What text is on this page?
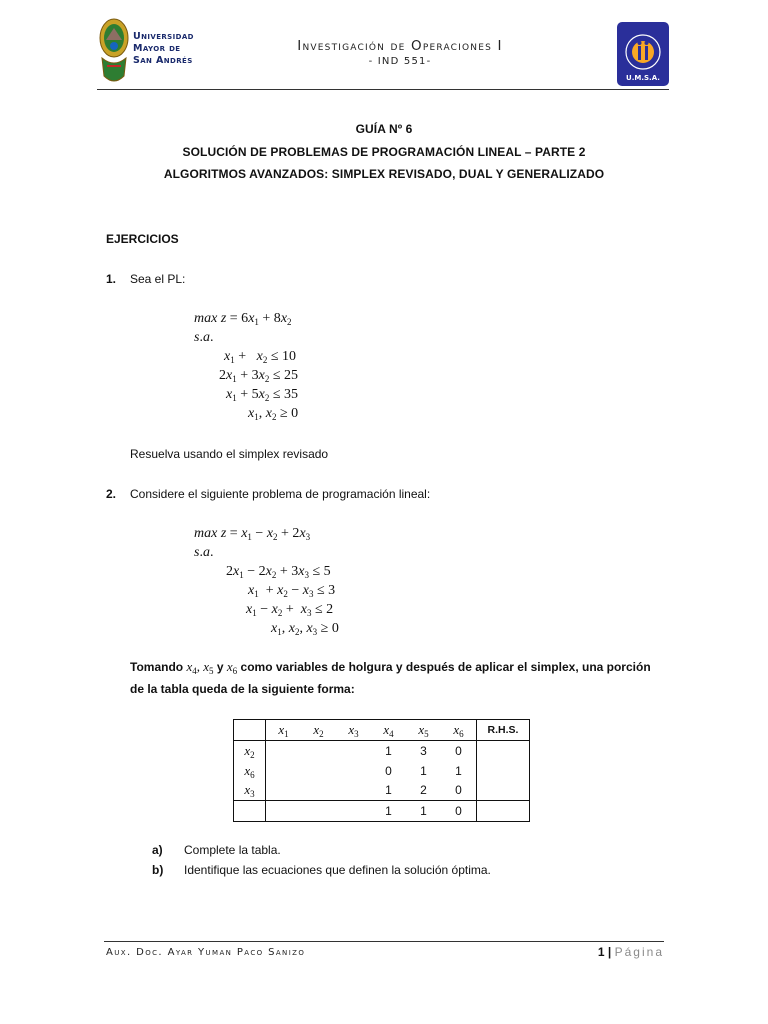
Universidad
Mayor de
San Andrés
Investigación de Operaciones I
- IND 551-
U.M.S.A.
GUÍA Nº 6
SOLUCIÓN DE PROBLEMAS DE PROGRAMACIÓN LINEAL – PARTE 2
ALGORITMOS AVANZADOS: SIMPLEX REVISADO, DUAL Y GENERALIZADO
EJERCICIOS
1. Sea el PL:
$\max z = 6x_1 + 8x_2$
s.a.
$x_1 + x_2 \le 10$
$2x_1 + 3x_2 \le 25$
$x_1 + 5x_2 \le 35$
$x_1$, $x_2 \ge 0$
Resuelva usando el simplex revisado
2. Considere el siguiente problema de programación lineal:
$\max z = x_1 - x_2 + 2x_3$
s.a.
$2x_1 - 2x_2 + 3x_3 \le 5$
$x_1 + x_2 - x_3 \le 3$
$x_1 - x_2 + x_3 \le 2$
$x_1$, $x_2$, $x_3 \ge 0$
Tomando $x_4$, $x_5$ y $x_6$ como variables de holgura y después de aplicar el simplex, una porción
de la tabla queda de la siguiente forma:
	$x_1$	$x_2$	$x_3$	$x_4$	$x_5$	$x_6$	R.H.S.
$x_2$				1	3	0	
$x_6$				0	1	1	
$x_3$				1	2	0	
				1	1	0	
a) Complete la tabla.
b) Identifique las ecuaciones que definen la solución óptima.
Aux. Doc. Ayar Yuman Paco Sanizo	1 | Página
